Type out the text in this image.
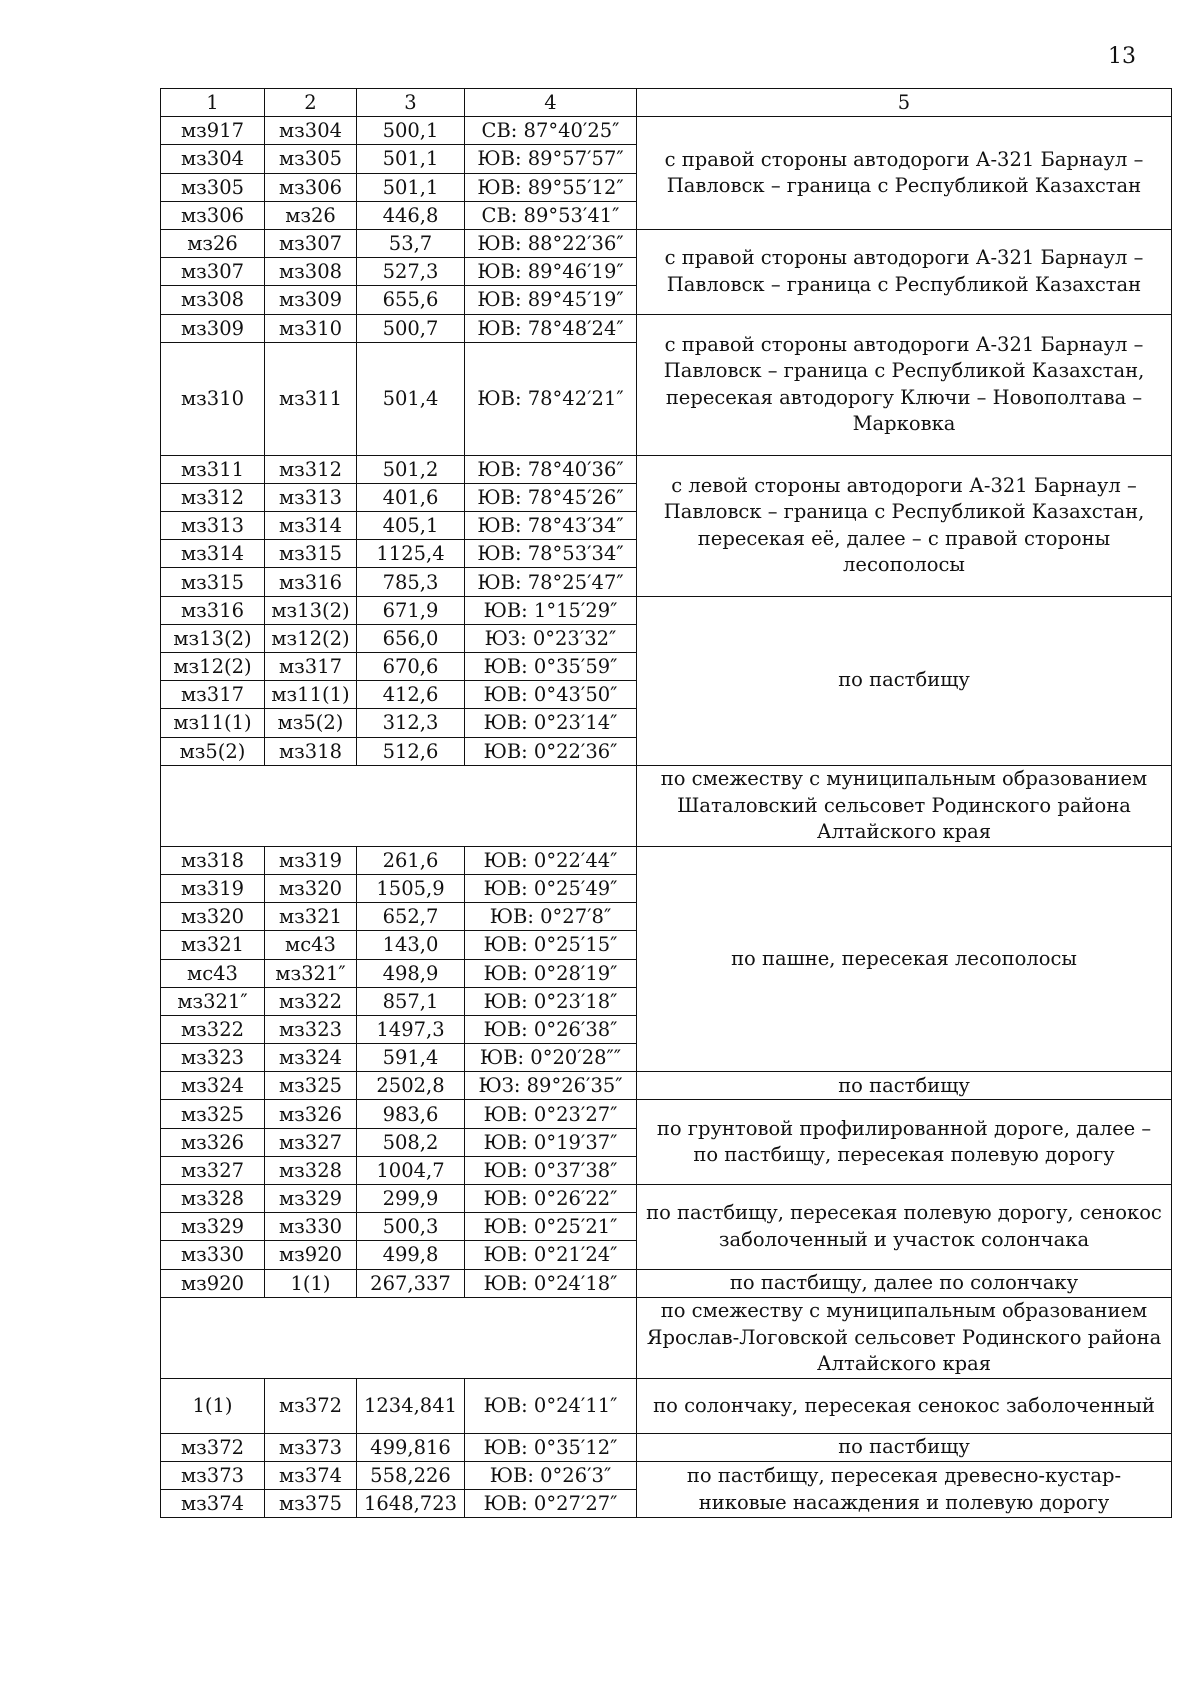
13
1	2	3	4	5
мз917	мз304	500,1	СВ: 87°40′25″	с правой стороны автодороги А-321 Барнаул – Павловск – граница с Республикой Казахстан
мз304	мз305	501,1	ЮВ: 89°57′57″	
мз305	мз306	501,1	ЮВ: 89°55′12″	
мз306	мз26	446,8	СВ: 89°53′41″	
мз26	мз307	53,7	ЮВ: 88°22′36″	с правой стороны автодороги А-321 Барнаул – Павловск – граница с Республикой Казахстан
мз307	мз308	527,3	ЮВ: 89°46′19″	
мз308	мз309	655,6	ЮВ: 89°45′19″	
мз309	мз310	500,7	ЮВ: 78°48′24″	с правой стороны автодороги А-321 Барнаул – Павловск – граница с Республикой Казахстан, пересекая автодорогу Ключи – Новополтава – Марковка
мз310	мз311	501,4	ЮВ: 78°42′21″	
мз311	мз312	501,2	ЮВ: 78°40′36″	с левой стороны автодороги А-321 Барнаул – Павловск – граница с Республикой Казахстан, пересекая её, далее – с правой стороны лесополосы
мз312	мз313	401,6	ЮВ: 78°45′26″	
мз313	мз314	405,1	ЮВ: 78°43′34″	
мз314	мз315	1125,4	ЮВ: 78°53′34″	
мз315	мз316	785,3	ЮВ: 78°25′47″	
мз316	мз13(2)	671,9	ЮВ: 1°15′29″	по пастбищу
мз13(2)	мз12(2)	656,0	ЮЗ: 0°23′32″	
мз12(2)	мз317	670,6	ЮВ: 0°35′59″	
мз317	мз11(1)	412,6	ЮВ: 0°43′50″	
мз11(1)	мз5(2)	312,3	ЮВ: 0°23′14″	
мз5(2)	мз318	512,6	ЮВ: 0°22′36″	
				по смежеству с муниципальным образованием Шаталовский сельсовет Родинского района Алтайского края
мз318	мз319	261,6	ЮВ: 0°22′44″	по пашне, пересекая лесополосы
мз319	мз320	1505,9	ЮВ: 0°25′49″	
мз320	мз321	652,7	ЮВ: 0°27′8″	
мз321	мс43	143,0	ЮВ: 0°25′15″	
мс43	мз321″	498,9	ЮВ: 0°28′19″	
мз321″	мз322	857,1	ЮВ: 0°23′18″	
мз322	мз323	1497,3	ЮВ: 0°26′38″	
мз323	мз324	591,4	ЮВ: 0°20′28″″	
мз324	мз325	2502,8	ЮЗ: 89°26′35″	по пастбищу
мз325	мз326	983,6	ЮВ: 0°23′27″	по грунтовой профилированной дороге, далее – по пастбищу, пересекая полевую дорогу
мз326	мз327	508,2	ЮВ: 0°19′37″	
мз327	мз328	1004,7	ЮВ: 0°37′38″	
мз328	мз329	299,9	ЮВ: 0°26′22″	по пастбищу, пересекая полевую дорогу, сенокос заболоченный и участок солончака
мз329	мз330	500,3	ЮВ: 0°25′21″	
мз330	мз920	499,8	ЮВ: 0°21′24″	
мз920	1(1)	267,337	ЮВ: 0°24′18″	по пастбищу, далее по солончаку
				по смежеству с муниципальным образованием Ярослав-Логовской сельсовет Родинского района Алтайского края
1(1)	мз372	1234,841	ЮВ: 0°24′11″	по солончаку, пересекая сенокос заболоченный
мз372	мз373	499,816	ЮВ: 0°35′12″	по пастбищу
мз373	мз374	558,226	ЮВ: 0°26′3″	по пастбищу, пересекая древесно-кустар-никовые насаждения и полевую дорогу
мз374	мз375	1648,723	ЮВ: 0°27′27″	
